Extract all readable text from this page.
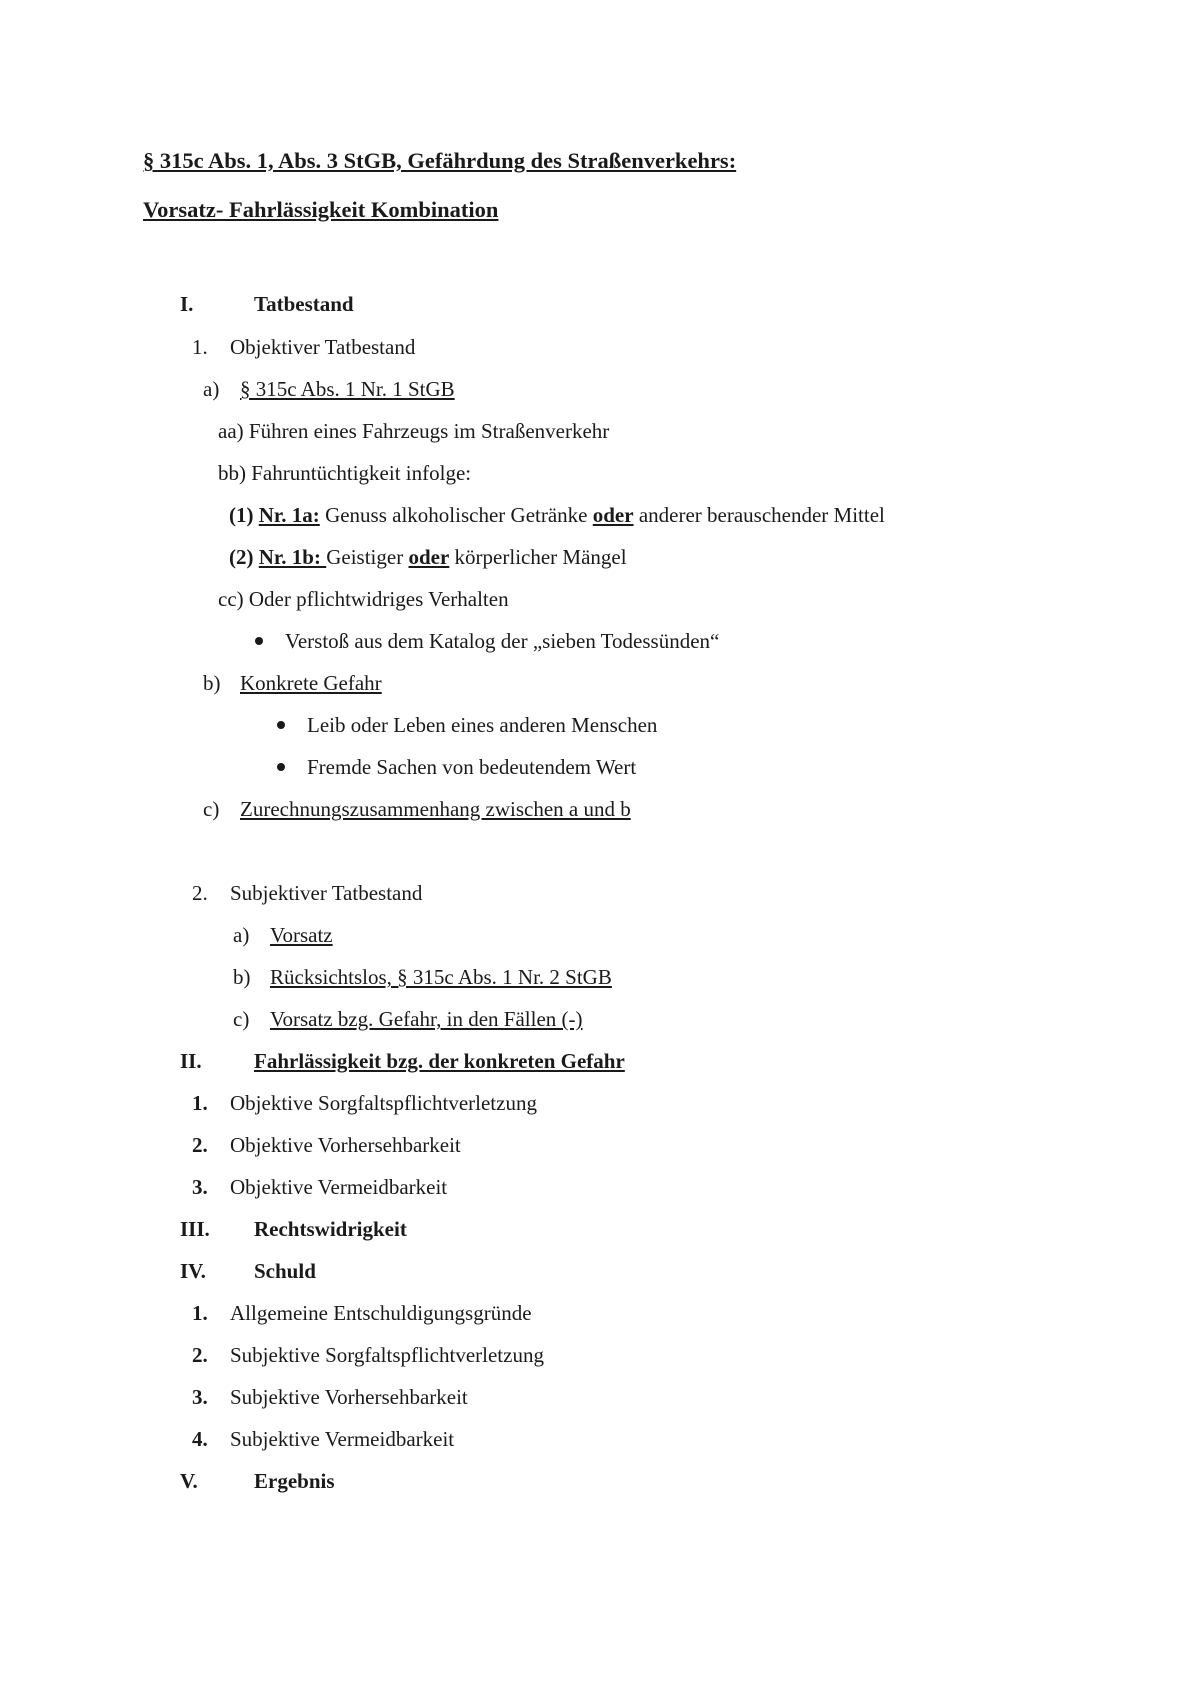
§ 315c Abs. 1, Abs. 3 StGB, Gefährdung des Straßenverkehrs:
Vorsatz- Fahrlässigkeit Kombination
I.	Tatbestand
1. Objektiver Tatbestand
a) § 315c Abs. 1 Nr. 1 StGB
aa) Führen eines Fahrzeugs im Straßenverkehr
bb) Fahruntüchtigkeit infolge:
(1) Nr. 1a: Genuss alkoholischer Getränke oder anderer berauschender Mittel
(2) Nr. 1b: Geistiger oder körperlicher Mängel
cc) Oder pflichtwidriges Verhalten
Verstoß aus dem Katalog der „sieben Todessünden“
b) Konkrete Gefahr
Leib oder Leben eines anderen Menschen
Fremde Sachen von bedeutendem Wert
c) Zurechnungszusammenhang zwischen a und b
2. Subjektiver Tatbestand
a) Vorsatz
b) Rücksichtslos, § 315c Abs. 1 Nr. 2 StGB
c) Vorsatz bzg. Gefahr, in den Fällen (-)
II. Fahrlässigkeit bzg. der konkreten Gefahr
1. Objektive Sorgfaltspflichtverletzung
2. Objektive Vorhersehbarkeit
3. Objektive Vermeidbarkeit
III. Rechtswidrigkeit
IV. Schuld
1. Allgemeine Entschuldigungsgründe
2. Subjektive Sorgfaltspflichtverletzung
3. Subjektive Vorhersehbarkeit
4. Subjektive Vermeidbarkeit
V.	Ergebnis
